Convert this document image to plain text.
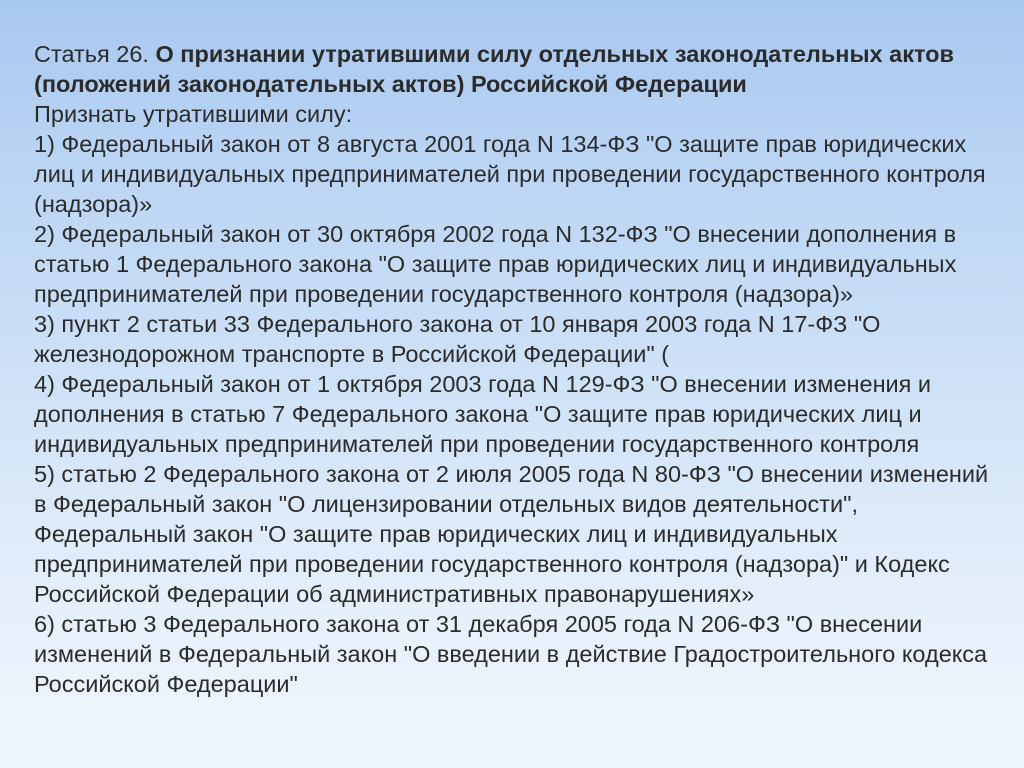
Статья 26. О признании утратившими силу отдельных законодательных актов (положений законодательных актов) Российской Федерации

Признать утратившими силу:

1) Федеральный закон от 8 августа 2001 года N 134-ФЗ "О защите прав юридических лиц и индивидуальных предпринимателей при проведении государственного контроля (надзора)»

2) Федеральный закон от 30 октября 2002 года N 132-ФЗ "О внесении дополнения в статью 1 Федерального закона "О защите прав юридических лиц и индивидуальных предпринимателей при проведении государственного контроля (надзора)»

3) пункт 2 статьи 33 Федерального закона от 10 января 2003 года N 17-ФЗ "О железнодорожном транспорте в Российской Федерации" (

4) Федеральный закон от 1 октября 2003 года N 129-ФЗ "О внесении изменения и дополнения в статью 7 Федерального закона "О защите прав юридических лиц и индивидуальных предпринимателей при проведении государственного контроля

5) статью 2 Федерального закона от 2 июля 2005 года N 80-ФЗ "О внесении изменений в Федеральный закон "О лицензировании отдельных видов деятельности", Федеральный закон "О защите прав юридических лиц и индивидуальных предпринимателей при проведении государственного контроля (надзора)" и Кодекс Российской Федерации об административных правонарушениях»

6) статью 3 Федерального закона от 31 декабря 2005 года N 206-ФЗ "О внесении изменений в Федеральный закон "О введении в действие Градостроительного кодекса Российской Федерации"
